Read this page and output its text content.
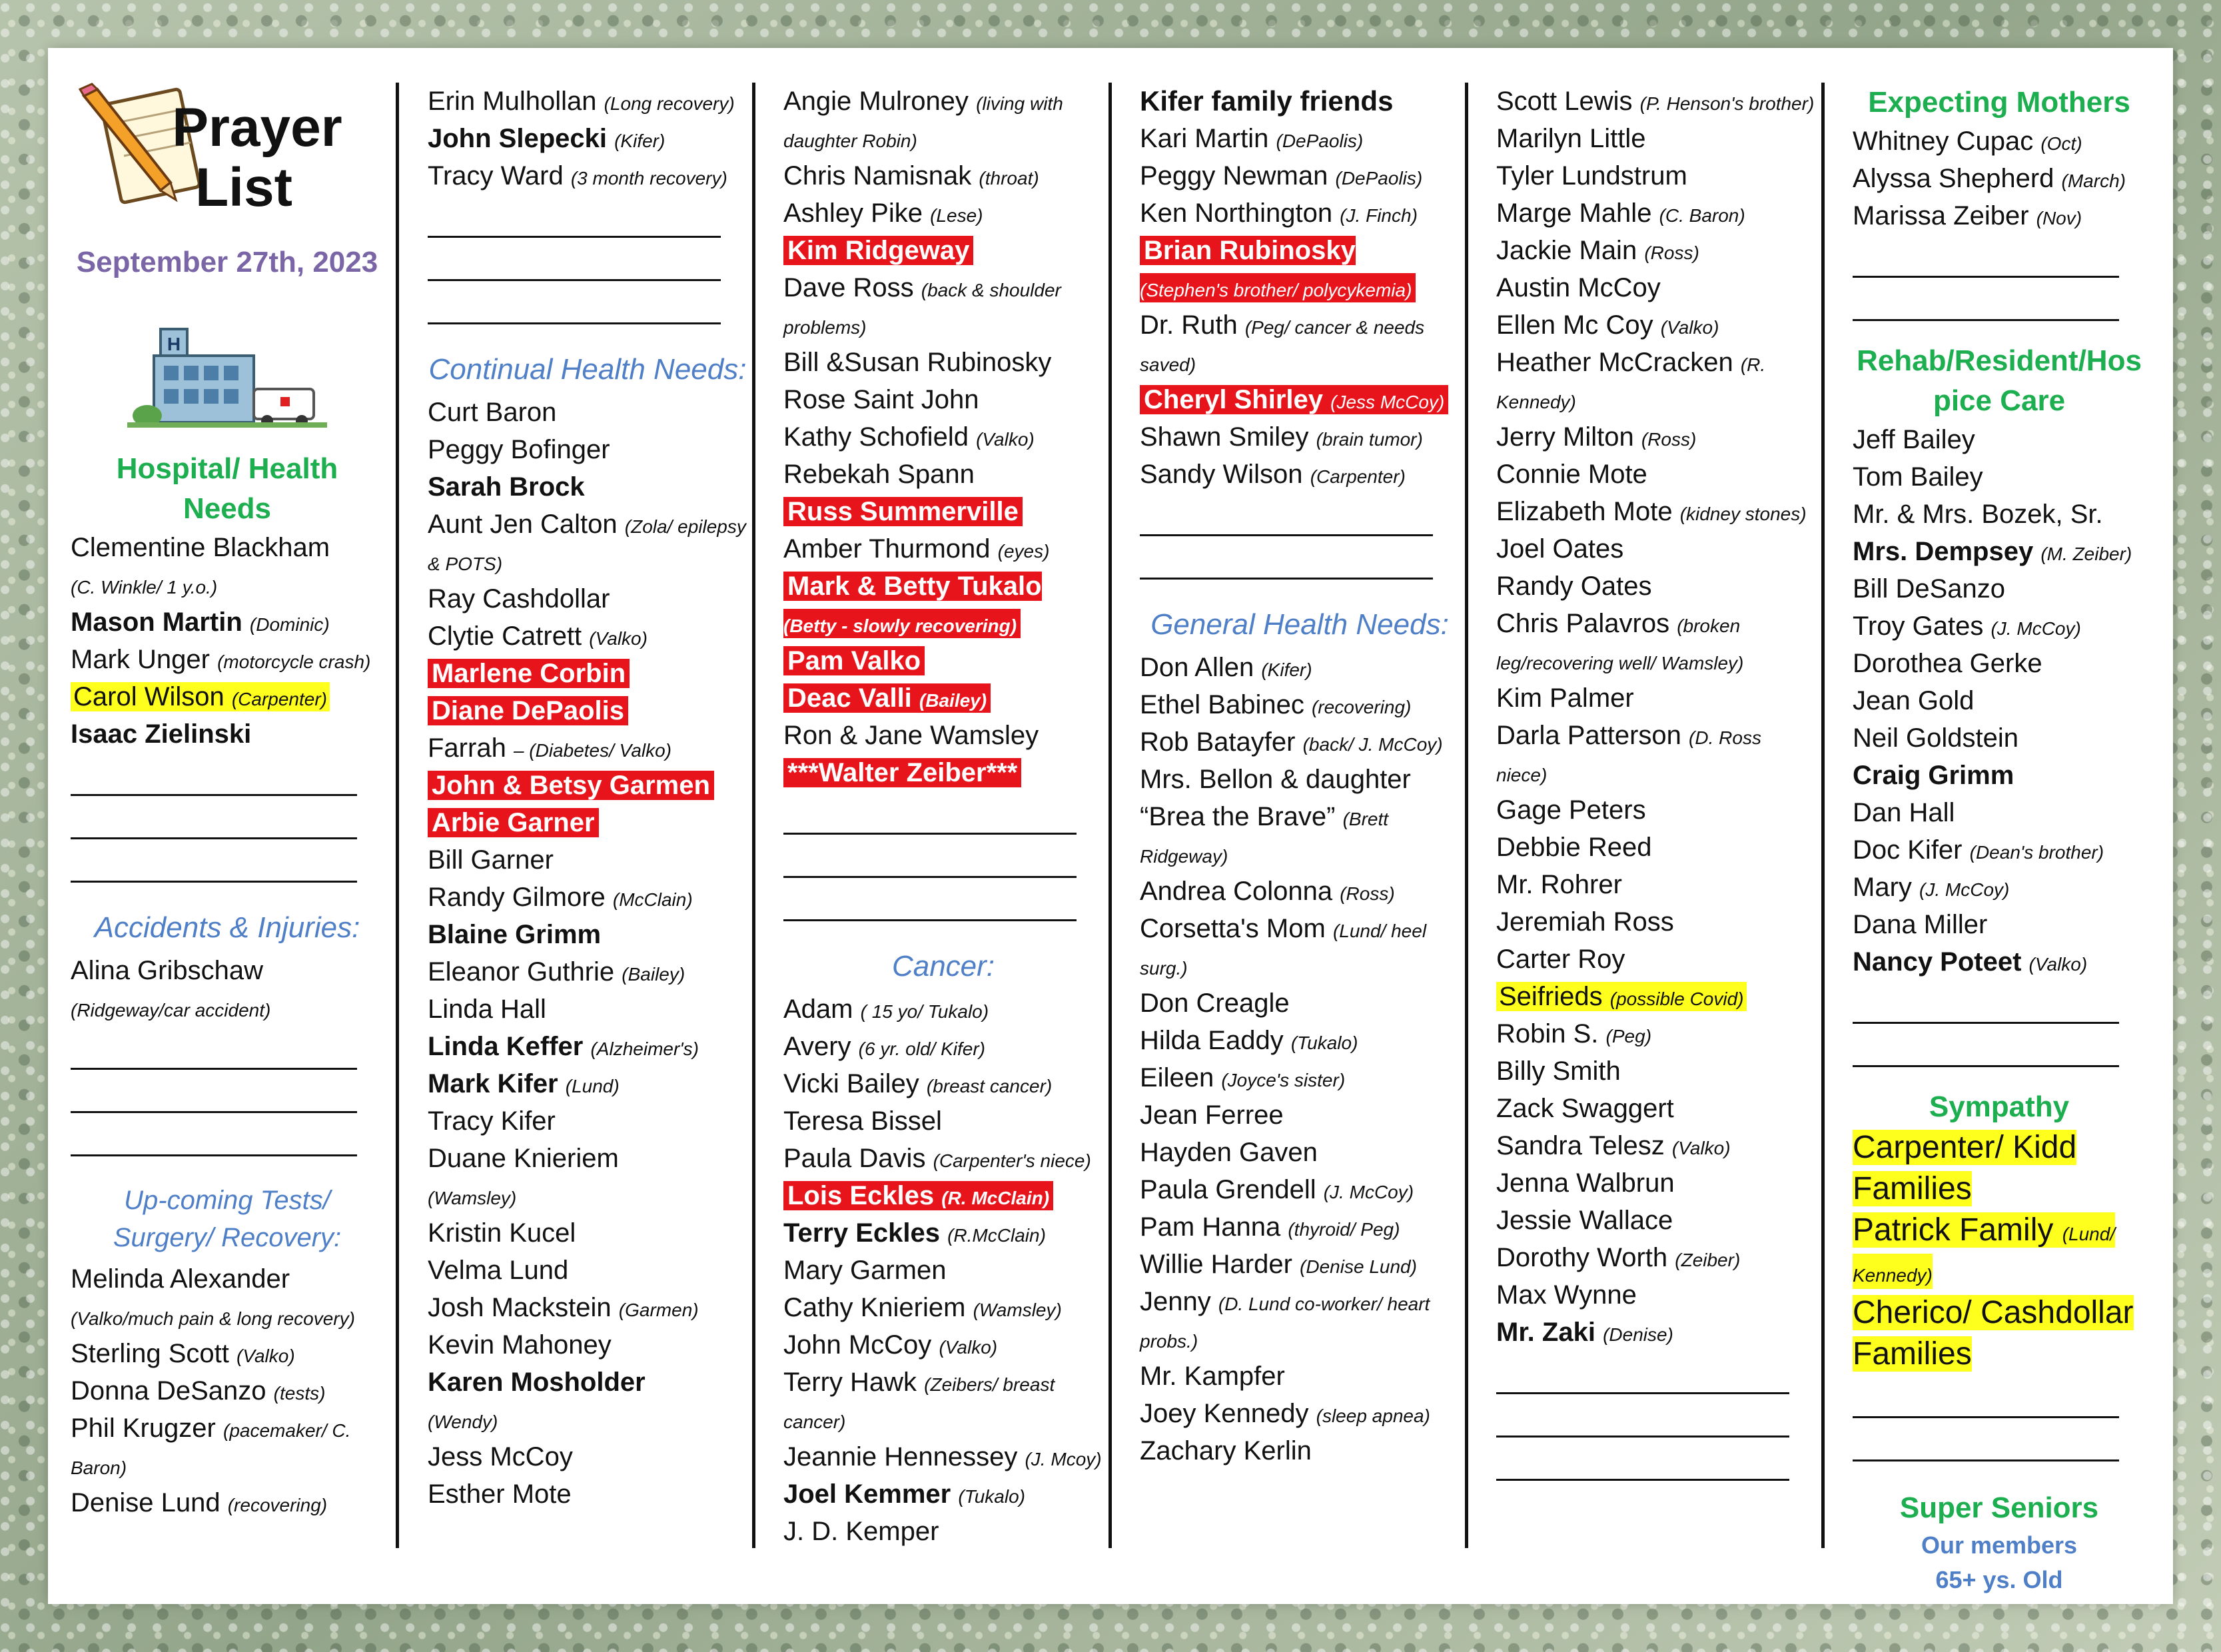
Prayer
List
September 27th, 2023
H
Hospital/ Health Needs
Clementine Blackham
(C. Winkle/ 1 y.o.)
Mason Martin (Dominic)
Mark Unger (motorcycle crash)
Carol Wilson (Carpenter)
Isaac Zielinski
Accidents & Injuries:
Alina Gribschaw
(Ridgeway/car accident)
Up-coming Tests/ Surgery/ Recovery:
Melinda Alexander
(Valko/much pain & long recovery)
Sterling Scott (Valko)
Donna DeSanzo (tests)
Phil Krugzer (pacemaker/ C. Baron)
Denise Lund (recovering)
Erin Mulhollan (Long recovery)
John Slepecki (Kifer)
Tracy Ward (3 month recovery)
Continual Health Needs:
Curt Baron
Peggy Bofinger
Sarah Brock
Aunt Jen Calton (Zola/ epilepsy & POTS)
Ray Cashdollar
Clytie Catrett (Valko)
Marlene Corbin
Diane DePaolis
Farrah – (Diabetes/ Valko)
John & Betsy Garmen
Arbie Garner
Bill Garner
Randy Gilmore (McClain)
Blaine Grimm
Eleanor Guthrie (Bailey)
Linda Hall
Linda Keffer (Alzheimer's)
Mark Kifer (Lund)
Tracy Kifer
Duane Knieriem
(Wamsley)
Kristin Kucel
Velma Lund
Josh Mackstein (Garmen)
Kevin Mahoney
Karen Mosholder
(Wendy)
Jess McCoy
Esther Mote
Angie Mulroney (living with daughter Robin)
Chris Namisnak (throat)
Ashley Pike (Lese)
Kim Ridgeway
Dave Ross (back & shoulder problems)
Bill &Susan Rubinosky
Rose Saint John
Kathy Schofield (Valko)
Rebekah Spann
Russ Summerville
Amber Thurmond (eyes)
Mark & Betty Tukalo
(Betty - slowly recovering)
Pam Valko
Deac Valli (Bailey)
Ron & Jane Wamsley
***Walter Zeiber***
Cancer:
Adam ( 15 yo/ Tukalo)
Avery (6 yr. old/ Kifer)
Vicki Bailey (breast cancer)
Teresa Bissel
Paula Davis (Carpenter's niece)
Lois Eckles (R. McClain)
Terry Eckles (R.McClain)
Mary Garmen
Cathy Knieriem (Wamsley)
John McCoy (Valko)
Terry Hawk (Zeibers/ breast cancer)
Jeannie Hennessey (J. Mcoy)
Joel Kemmer (Tukalo)
J. D. Kemper
Kifer family friends
Kari Martin (DePaolis)
Peggy Newman (DePaolis)
Ken Northington (J. Finch)
Brian Rubinosky
(Stephen's brother/ polycykemia)
Dr. Ruth (Peg/ cancer & needs saved)
Cheryl Shirley (Jess McCoy)
Shawn Smiley (brain tumor)
Sandy Wilson (Carpenter)
General Health Needs:
Don Allen (Kifer)
Ethel Babinec (recovering)
Rob Batayfer (back/ J. McCoy)
Mrs. Bellon & daughter
“Brea the Brave” (Brett Ridgeway)
Andrea Colonna (Ross)
Corsetta's Mom (Lund/ heel surg.)
Don Creagle
Hilda Eaddy (Tukalo)
Eileen (Joyce's sister)
Jean Ferree
Hayden Gaven
Paula Grendell (J. McCoy)
Pam Hanna (thyroid/ Peg)
Willie Harder (Denise Lund)
Jenny (D. Lund co-worker/ heart probs.)
Mr. Kampfer
Joey Kennedy (sleep apnea)
Zachary Kerlin
Scott Lewis (P. Henson's brother)
Marilyn Little
Tyler Lundstrum
Marge Mahle (C. Baron)
Jackie Main (Ross)
Austin McCoy
Ellen Mc Coy (Valko)
Heather McCracken (R. Kennedy)
Jerry Milton (Ross)
Connie Mote
Elizabeth Mote (kidney stones)
Joel Oates
Randy Oates
Chris Palavros (broken leg/recovering well/ Wamsley)
Kim Palmer
Darla Patterson (D. Ross niece)
Gage Peters
Debbie Reed
Mr. Rohrer
Jeremiah Ross
Carter Roy
Seifrieds (possible Covid)
Robin S. (Peg)
Billy Smith
Zack Swaggert
Sandra Telesz (Valko)
Jenna Walbrun
Jessie Wallace
Dorothy Worth (Zeiber)
Max Wynne
Mr. Zaki (Denise)
Expecting Mothers
Whitney Cupac (Oct)
Alyssa Shepherd (March)
Marissa Zeiber (Nov)
Rehab/Resident/Hospice Care
Jeff Bailey
Tom Bailey
Mr. & Mrs. Bozek, Sr.
Mrs. Dempsey (M. Zeiber)
Bill DeSanzo
Troy Gates (J. McCoy)
Dorothea Gerke
Jean Gold
Neil Goldstein
Craig Grimm
Dan Hall
Doc Kifer (Dean's brother)
Mary (J. McCoy)
Dana Miller
Nancy Poteet (Valko)
Sympathy
Carpenter/ Kidd Families
Patrick Family (Lund/ Kennedy)
Cherico/ Cashdollar Families
Super Seniors
Our members
65+ ys. Old
